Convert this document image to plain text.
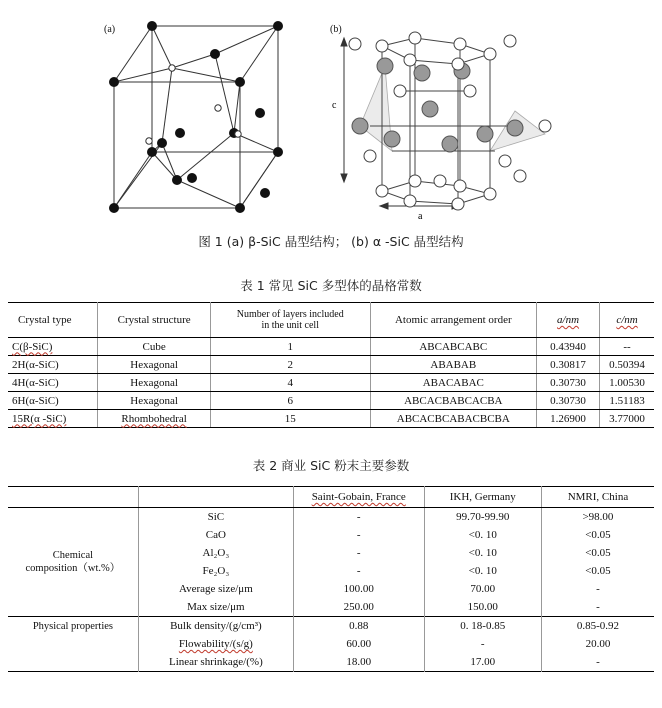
(a)	(b)
c
a
图 1 (a) β-SiC 晶型结构； (b) α -SiC 晶型结构
表 1 常见 SiC 多型体的晶格常数
Crystal type	Crystal structure	Number of layers included
in the unit cell	Atomic arrangement order	a/nm	c/nm
C(β-SiC)	Cube	1	ABCABCABC	0.43940	--
2H(α-SiC)	Hexagonal	2	ABABAB	0.30817	0.50394
4H(α-SiC)	Hexagonal	4	ABACABAC	0.30730	1.00530
6H(α-SiC)	Hexagonal	6	ABCACBABCACBA	0.30730	1.51183
15R(α -SiC)	Rhombohedral	15	ABCACBCABACBCBA	1.26900	3.77000
表 2 商业 SiC 粉末主要参数
		Saint-Gobain, France	IKH, Germany	NMRI, China

Chemical
composition（wt.%）	SiC	-	99.70-99.90	>98.00
	CaO	-	<0. 10	<0.05
	Al₂O₃	-	<0. 10	<0.05
	Fe₂O₃	-	<0. 10	<0.05
	Average size/μm	100.00	70.00	-
	Max size/μm	250.00	150.00	-
Physical properties	Bulk density/(g/cm³)	0.88	0. 18-0.85	0.85-0.92
	Flowability/(s/g)	60.00	-	20.00
	Linear shrinkage/(%)	18.00	17.00	-
